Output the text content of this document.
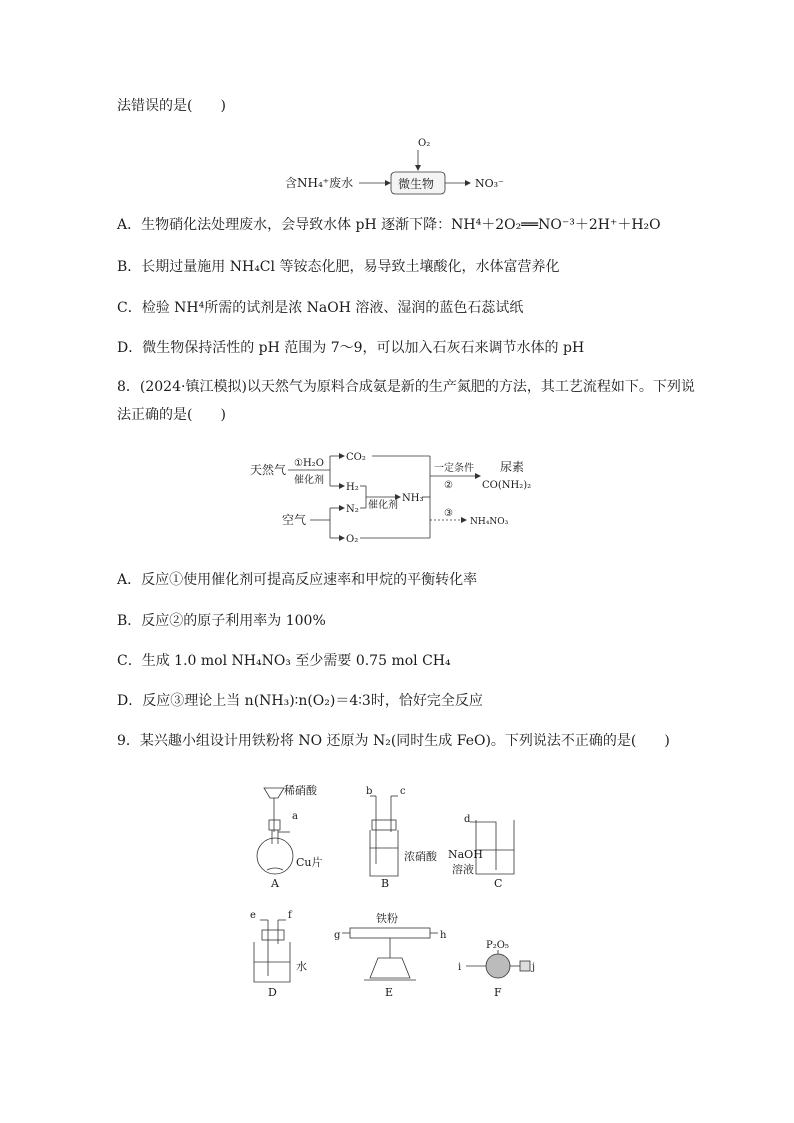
法错误的是(　　)
O₂
含NH₄⁺废水	微生物	NO₃⁻
A．生物硝化法处理废水，会导致水体 pH 逐渐下降：NH⁴＋2O₂══NO⁻³＋2H⁺＋H₂O
B．长期过量施用 NH₄Cl 等铵态化肥，易导致土壤酸化，水体富营养化
C．检验 NH⁴所需的试剂是浓 NaOH 溶液、湿润的蓝色石蕊试纸
D．微生物保持活性的 pH 范围为 7～9，可以加入石灰石来调节水体的 pH
8．(2024·镇江模拟)以天然气为原料合成氨是新的生产氮肥的方法，其工艺流程如下。下列说
法正确的是(　　)
天然气 ①H₂O
催化剂
CO₂
H₂
空气
N₂
O₂
催化剂
NH₃
一定条件
②
尿素
CO(NH₂)₂
③
NH₄NO₃
A．反应①使用催化剂可提高反应速率和甲烷的平衡转化率
B．反应②的原子利用率为 100%
C．生成 1.0 mol NH₄NO₃ 至少需要 0.75 mol CH₄
D．反应③理论上当 n(NH₃)∶n(O₂)＝4∶3时，恰好完全反应
9．某兴趣小组设计用铁粉将 NO 还原为 N₂(同时生成 FeO)。下列说法不正确的是(　　)
稀硝酸
a
Cu片
A
b	c
浓硝酸
B
d
NaOH
溶液
C
e	f
水
D
g	h
铁粉
E
P₂O₅
i	j
F
